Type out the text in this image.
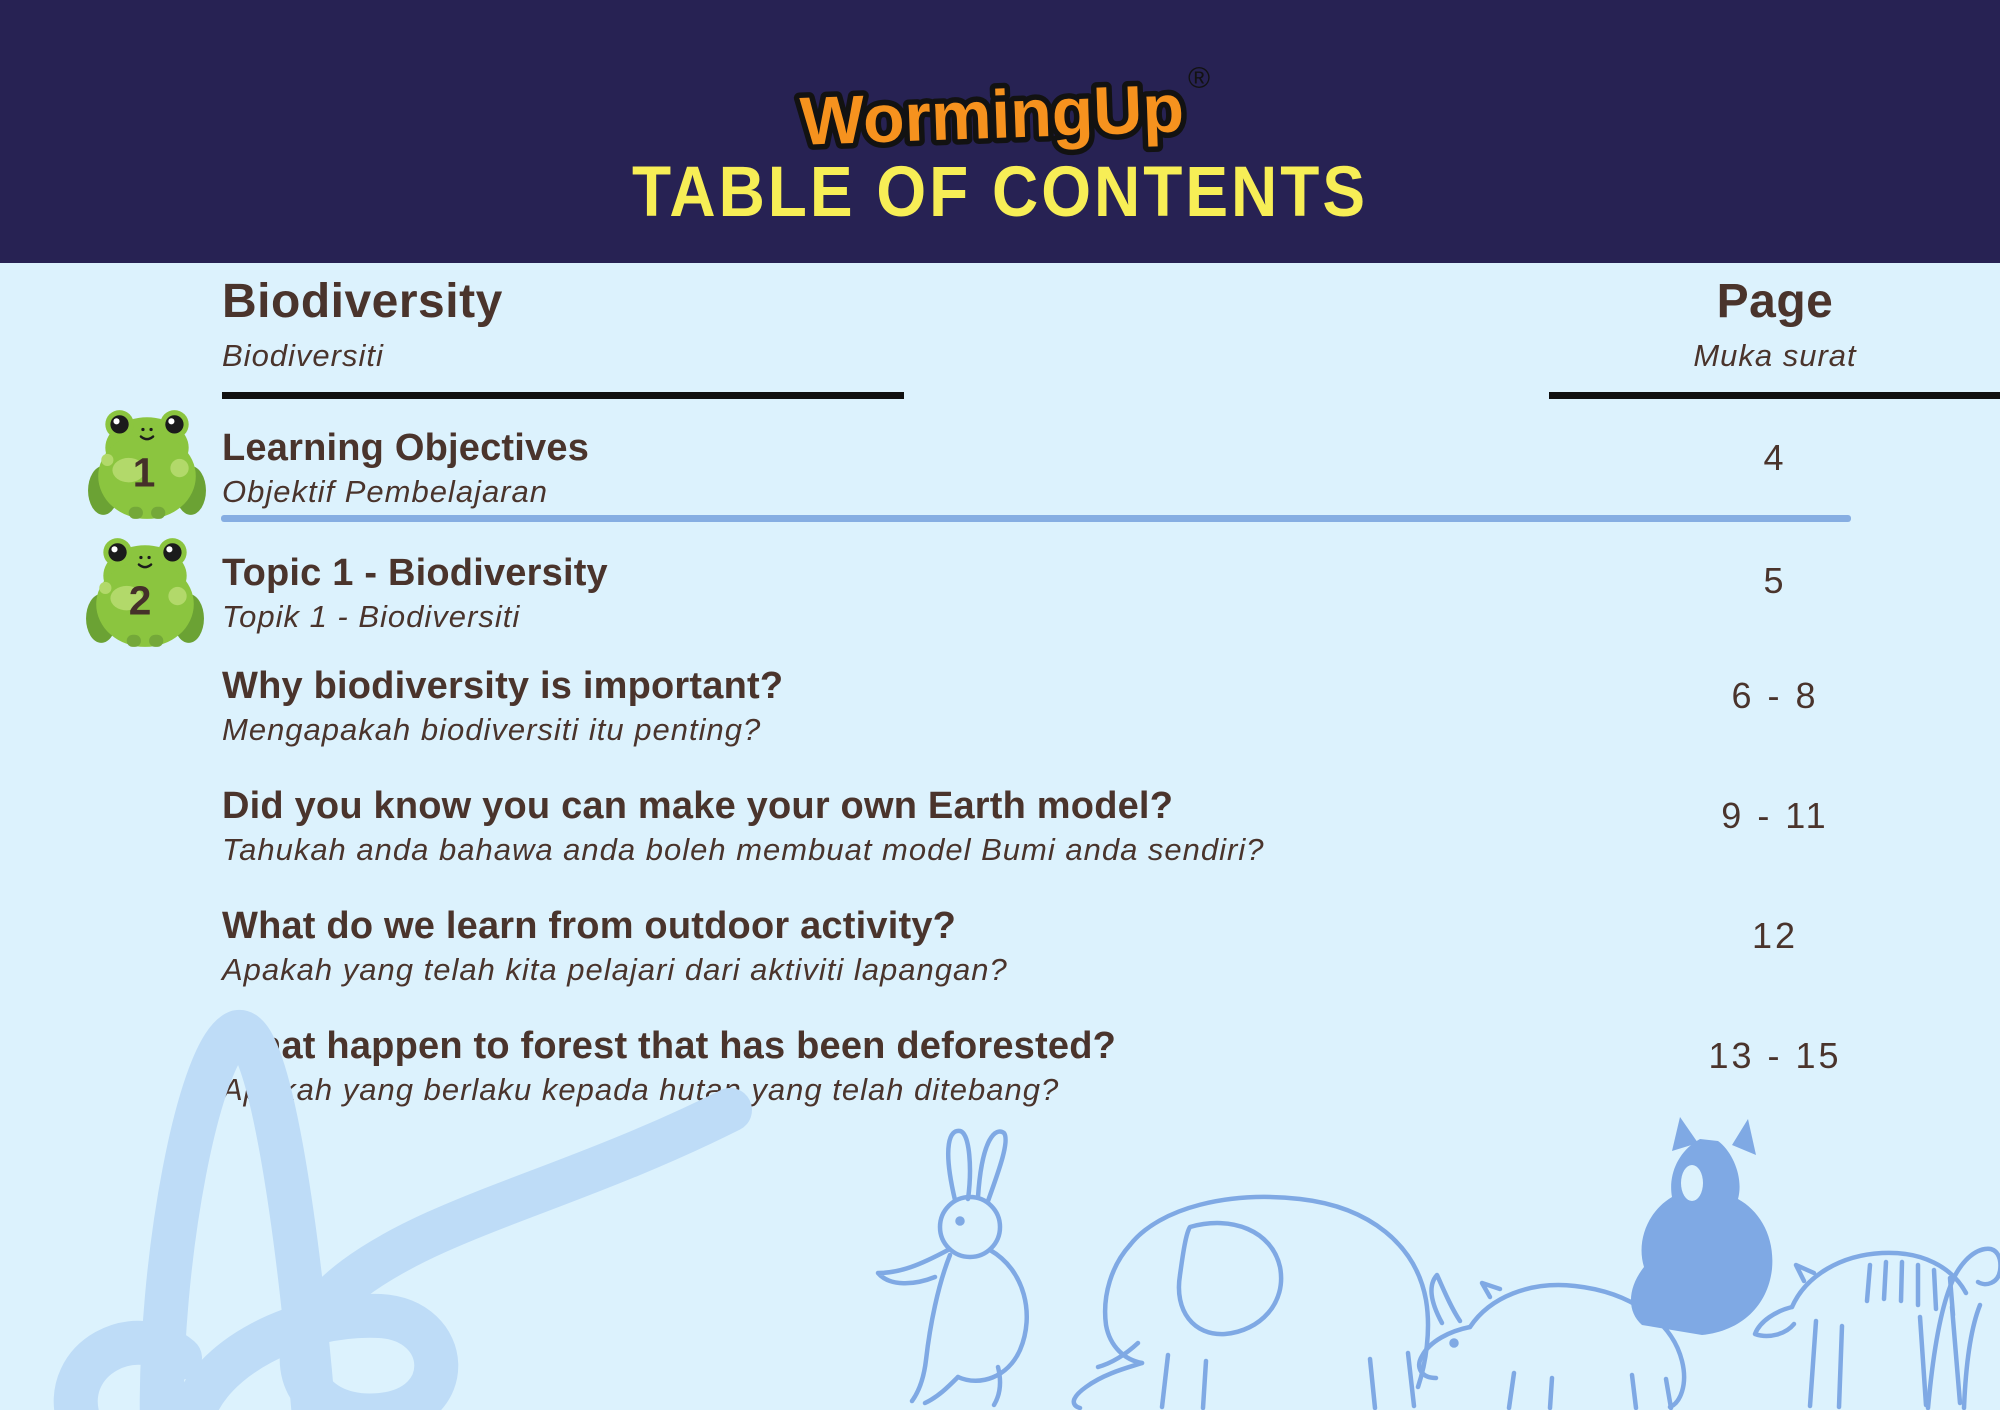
WormingUp ®
TABLE OF CONTENTS
Biodiversity
Biodiversiti
Page
Muka surat
1
2
Learning Objectives

Objektif Pembelajaran

4
Topic 1 - Biodiversity

Topik 1 - Biodiversiti

5
Why biodiversity is important?

Mengapakah biodiversiti itu penting?

6 - 8
Did you know you can make your own Earth model?

Tahukah anda bahawa anda boleh membuat model Bumi anda sendiri?

9 - 11
What do we learn from outdoor activity?

Apakah yang telah kita pelajari dari aktiviti lapangan?

12
What happen to forest that has been deforested?

Apakah yang berlaku kepada hutan yang telah ditebang?

13 - 15
